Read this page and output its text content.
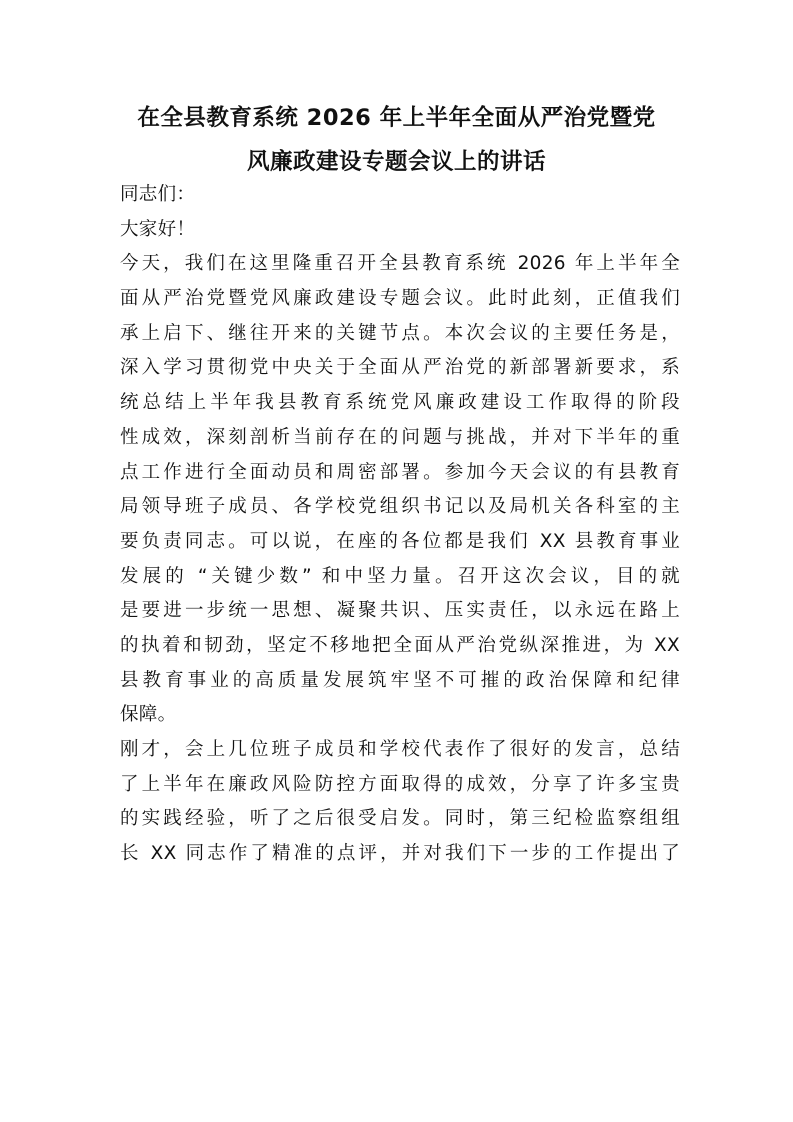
在全县教育系统 2026 年上半年全面从严治党暨党
风廉政建设专题会议上的讲话
同志们：
大家好！
今天，我们在这里隆重召开全县教育系统 2026 年上半年全
面从严治党暨党风廉政建设专题会议。此时此刻，正值我们
承上启下、继往开来的关键节点。本次会议的主要任务是，
深入学习贯彻党中央关于全面从严治党的新部署新要求，系
统总结上半年我县教育系统党风廉政建设工作取得的阶段
性成效，深刻剖析当前存在的问题与挑战，并对下半年的重
点工作进行全面动员和周密部署。参加今天会议的有县教育
局领导班子成员、各学校党组织书记以及局机关各科室的主
要负责同志。可以说，在座的各位都是我们 XX 县教育事业
发展的 “关键少数” 和中坚力量。召开这次会议，目的就
是要进一步统一思想、凝聚共识、压实责任，以永远在路上
的执着和韧劲，坚定不移地把全面从严治党纵深推进，为 XX
县教育事业的高质量发展筑牢坚不可摧的政治保障和纪律
保障。
刚才，会上几位班子成员和学校代表作了很好的发言，总结
了上半年在廉政风险防控方面取得的成效，分享了许多宝贵
的实践经验，听了之后很受启发。同时，第三纪检监察组组
长 XX 同志作了精准的点评，并对我们下一步的工作提出了
